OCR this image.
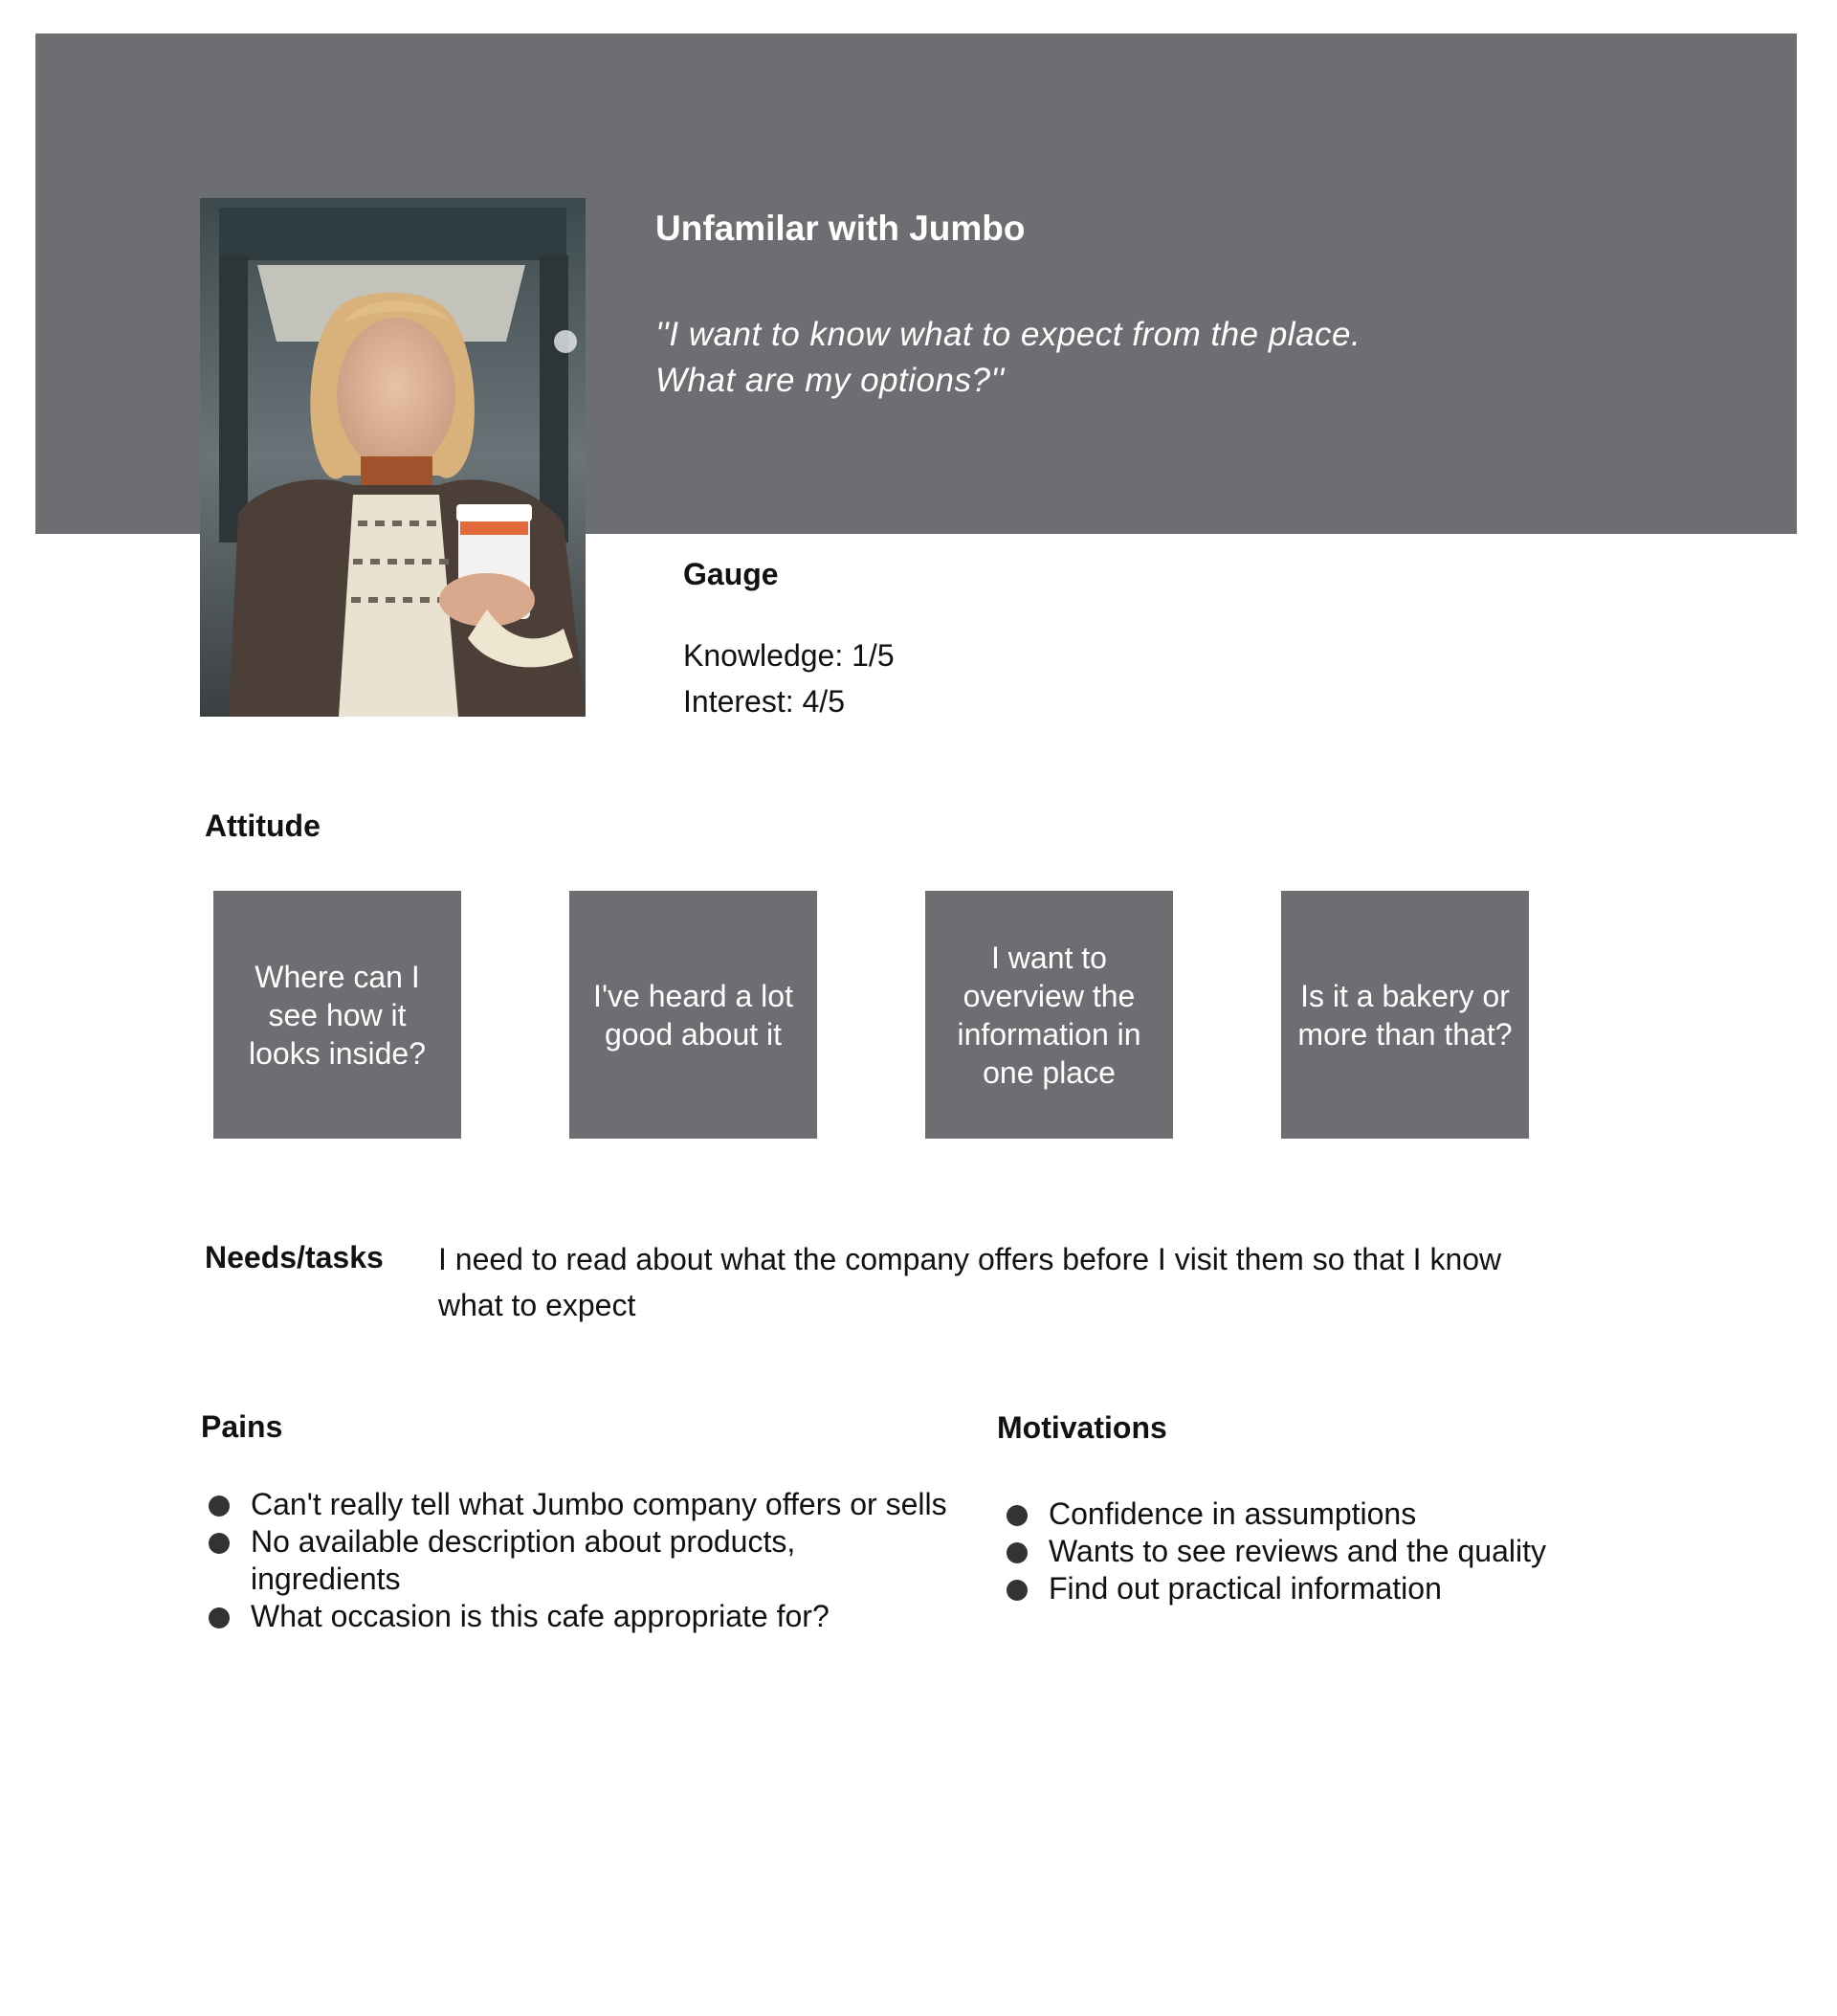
Unfamilar with Jumbo
''I want to know what to expect from the place. What are my options?''
Gauge
Knowledge: 1/5
Interest: 4/5
Attitude
Where can I see how it looks inside?
I've heard a lot good about it
I want to overview the information in one place
Is it a bakery or more than that?
Needs/tasks I need to read about what the company offers before I visit them so that I know what to expect
Pains
Can't really tell what Jumbo company offers or sells
No available description about products, ingredients
What occasion is this cafe appropriate for?
Motivations
Confidence in assumptions
Wants to see reviews and the quality
Find out practical information
